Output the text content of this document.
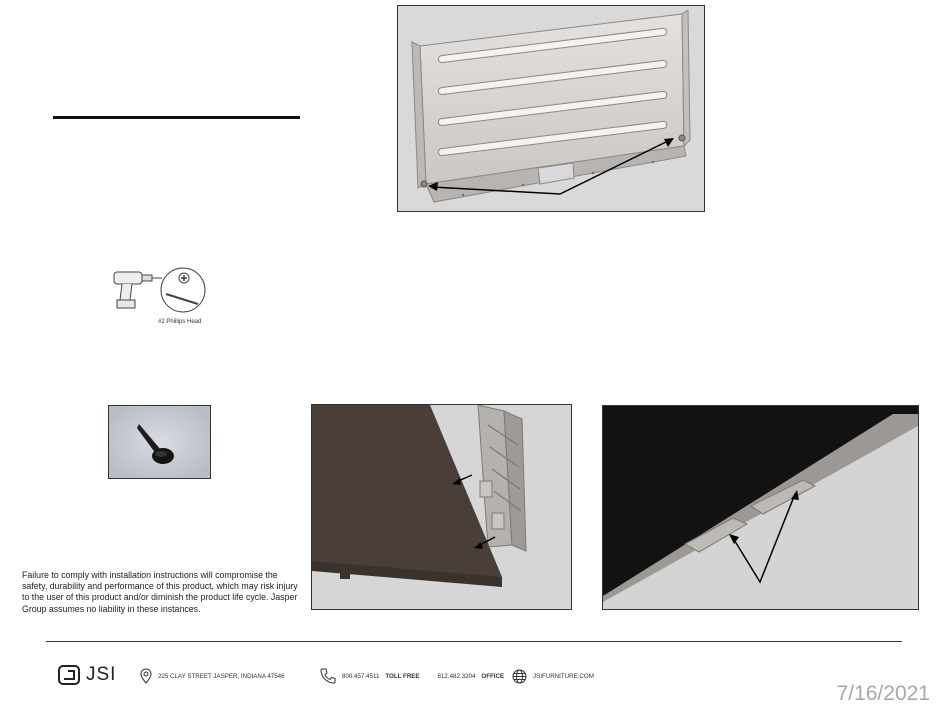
#2 Phillips Head
Failure to comply with installation instructions will compromise the safety, durability and performance of this product, which may risk injury to the user of this product and/or diminish the product life cycle. Jasper Group assumes no liability in these instances.
JSI	225 CLAY STREET JASPER, INDIANA 47546	800.457.4511 TOLL FREE	812.482.3204 OFFICE	JSIFURNITURE.COM
7/16/2021
